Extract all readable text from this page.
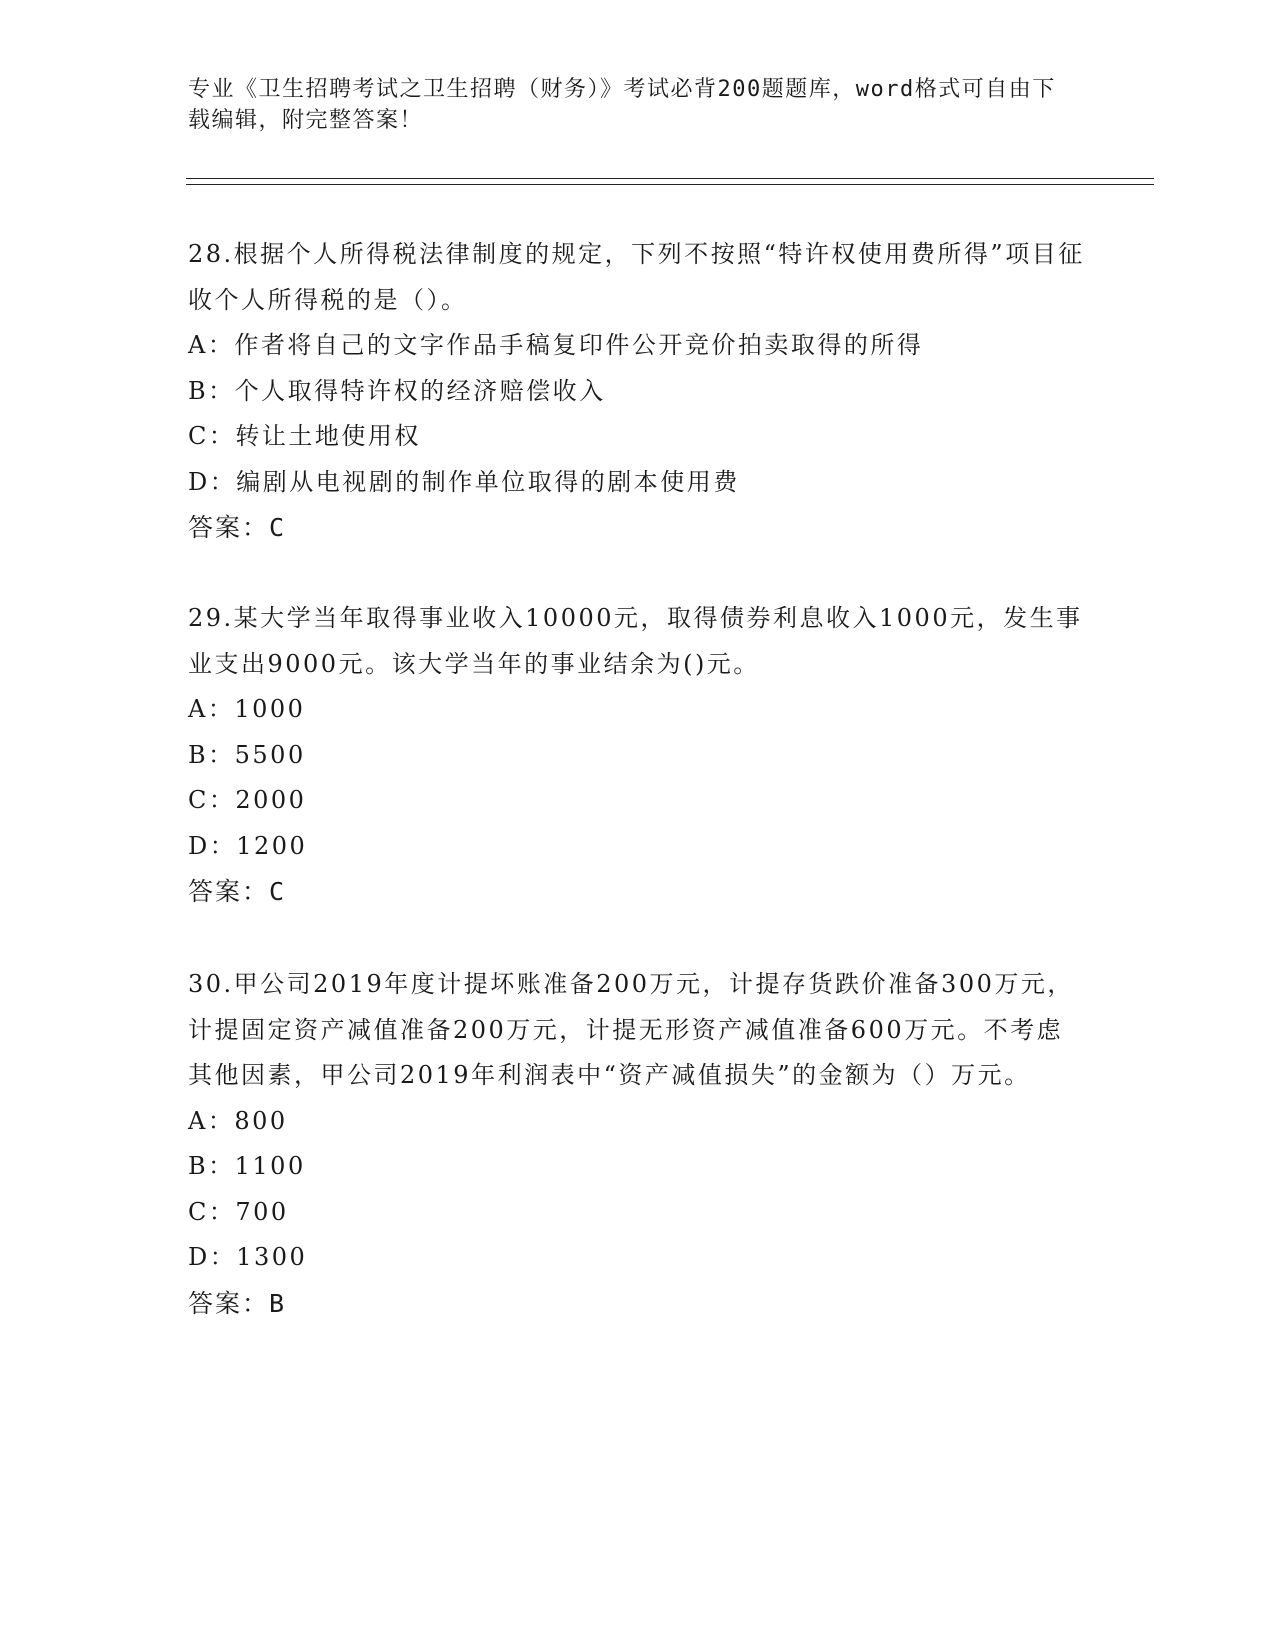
专业《卫生招聘考试之卫生招聘（财务）》考试必背200题题库，word格式可自由下载编辑，附完整答案！

28.根据个人所得税法律制度的规定，下列不按照“特许权使用费所得”项目征收个人所得税的是（）。

A：作者将自己的文字作品手稿复印件公开竞价拍卖取得的所得

B：个人取得特许权的经济赔偿收入

C：转让土地使用权

D：编剧从电视剧的制作单位取得的剧本使用费

答案：C

29.某大学当年取得事业收入10000元，取得债券利息收入1000元，发生事业支出9000元。该大学当年的事业结余为()元。

A：1000

B：5500

C：2000

D：1200

答案：C

30.甲公司2019年度计提坏账准备200万元，计提存货跌价准备300万元，计提固定资产减值准备200万元，计提无形资产减值准备600万元。不考虑其他因素，甲公司2019年利润表中“资产减值损失”的金额为（）万元。

A：800

B：1100

C：700

D：1300

答案：B
